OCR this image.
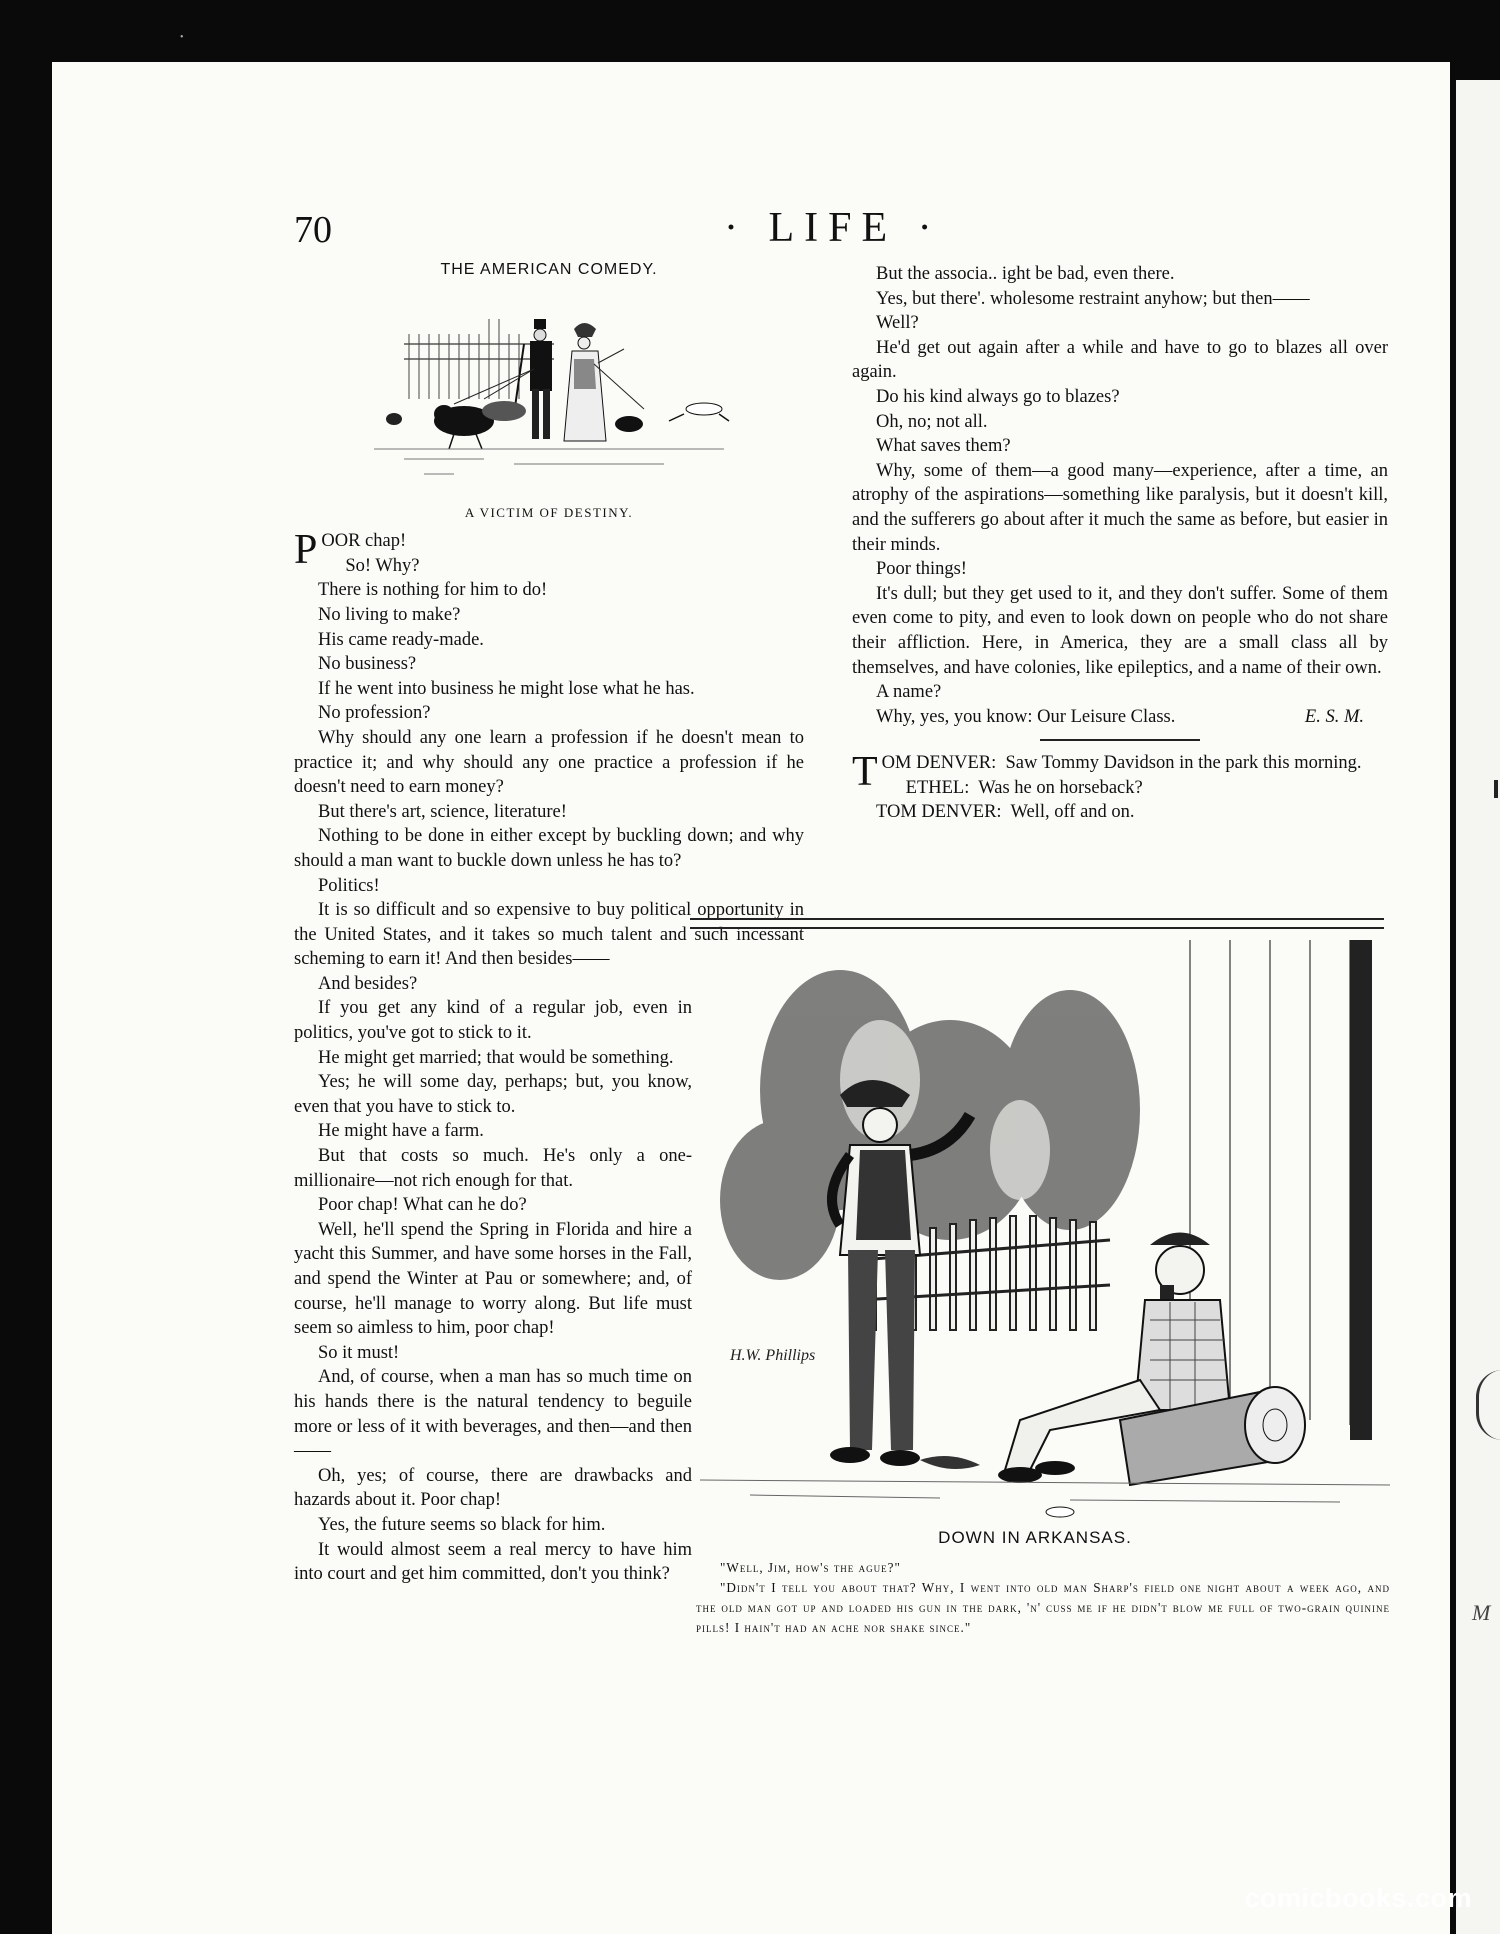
•
M
70	· LIFE ·
THE AMERICAN COMEDY.
A VICTIM OF DESTINY.

POOR chap!

So! Why?

There is nothing for him to do!

No living to make?

His came ready-made.

No business?

If he went into business he might lose what he has.

No profession?

Why should any one learn a profession if he doesn't mean to practice it; and why should any one practice a profession if he doesn't need to earn money?

But there's art, science, literature!

Nothing to be done in either except by buckling down; and why should a man want to buckle down unless he has to?

Politics!

It is so difficult and so expensive to buy political opportunity in the United States, and it takes so much talent and such incessant scheming to earn it! And then besides——

And besides?

If you get any kind of a regular job, even in politics, you've got to stick to it.

He might get married; that would be something.

Yes; he will some day, perhaps; but, you know, even that you have to stick to.

He might have a farm.

But that costs so much. He's only a one-millionaire—not rich enough for that.

Poor chap! What can he do?

Well, he'll spend the Spring in Florida and hire a yacht this Summer, and have some horses in the Fall, and spend the Winter at Pau or somewhere; and, of course, he'll manage to worry along. But life must seem so aimless to him, poor chap!

So it must!

And, of course, when a man has so much time on his hands there is the natural tendency to beguile more or less of it with beverages, and then—and then——

Oh, yes; of course, there are drawbacks and hazards about it. Poor chap!

Yes, the future seems so black for him.

It would almost seem a real mercy to have him into court and get him committed, don't you think?

But the associa.. ight be bad, even there.

Yes, but there'. wholesome restraint anyhow; but then——

Well?

He'd get out again after a while and have to go to blazes all over again.

Do his kind always go to blazes?

Oh, no; not all.

What saves them?

Why, some of them—a good many—experience, after a time, an atrophy of the aspirations—something like paralysis, but it doesn't kill, and the sufferers go about after it much the same as before, but easier in their minds.

Poor things!

It's dull; but they get used to it, and they don't suffer. Some of them even come to pity, and even to look down on people who do not share their affliction. Here, in America, they are a small class all by themselves, and have colonies, like epileptics, and a name of their own.

A name?

Why, yes, you know: Our Leisure Class.	E. S. M.

TOM DENVER: Saw Tommy Davidson in the park this morning.

ETHEL: Was he on horseback?

TOM DENVER: Well, off and on.

H.W. Phillips
DOWN IN ARKANSAS.

"Well, Jim, how's the ague?"

"Didn't I tell you about that? Why, I went into old man Sharp's field one night about a week ago, and the old man got up and loaded his gun in the dark, 'n' cuss me if he didn't blow me full of two-grain quinine pills! I hain't had an ache nor shake since."

comicbooks.com
